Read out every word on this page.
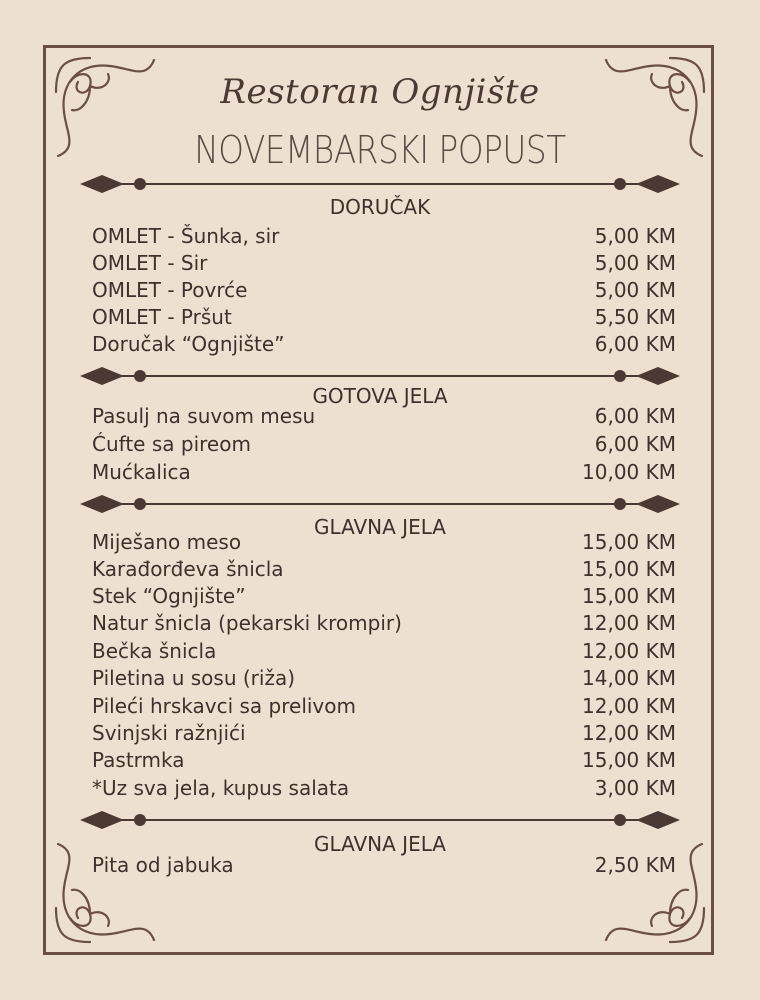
Restoran Ognjište
NOVEMBARSKI POPUST
DORUČAK
OMLET - Šunka, sir	5,00 KM
OMLET - Sir	5,00 KM
OMLET - Povrće	5,00 KM
OMLET - Pršut	5,50 KM
Doručak “Ognjište”	6,00 KM
GOTOVA JELA
Pasulj na suvom mesu	6,00 KM
Ćufte sa pireom	6,00 KM
Mućkalica	10,00 KM
GLAVNA JELA
Miješano meso	15,00 KM
Karađorđeva šnicla	15,00 KM
Stek “Ognjište”	15,00 KM
Natur šnicla (pekarski krompir)	12,00 KM
Bečka šnicla	12,00 KM
Piletina u sosu (riža)	14,00 KM
Pileći hrskavci sa prelivom	12,00 KM
Svinjski ražnjići	12,00 KM
Pastrmka	15,00 KM
*Uz sva jela, kupus salata	3,00 KM
GLAVNA JELA
Pita od jabuka	2,50 KM
